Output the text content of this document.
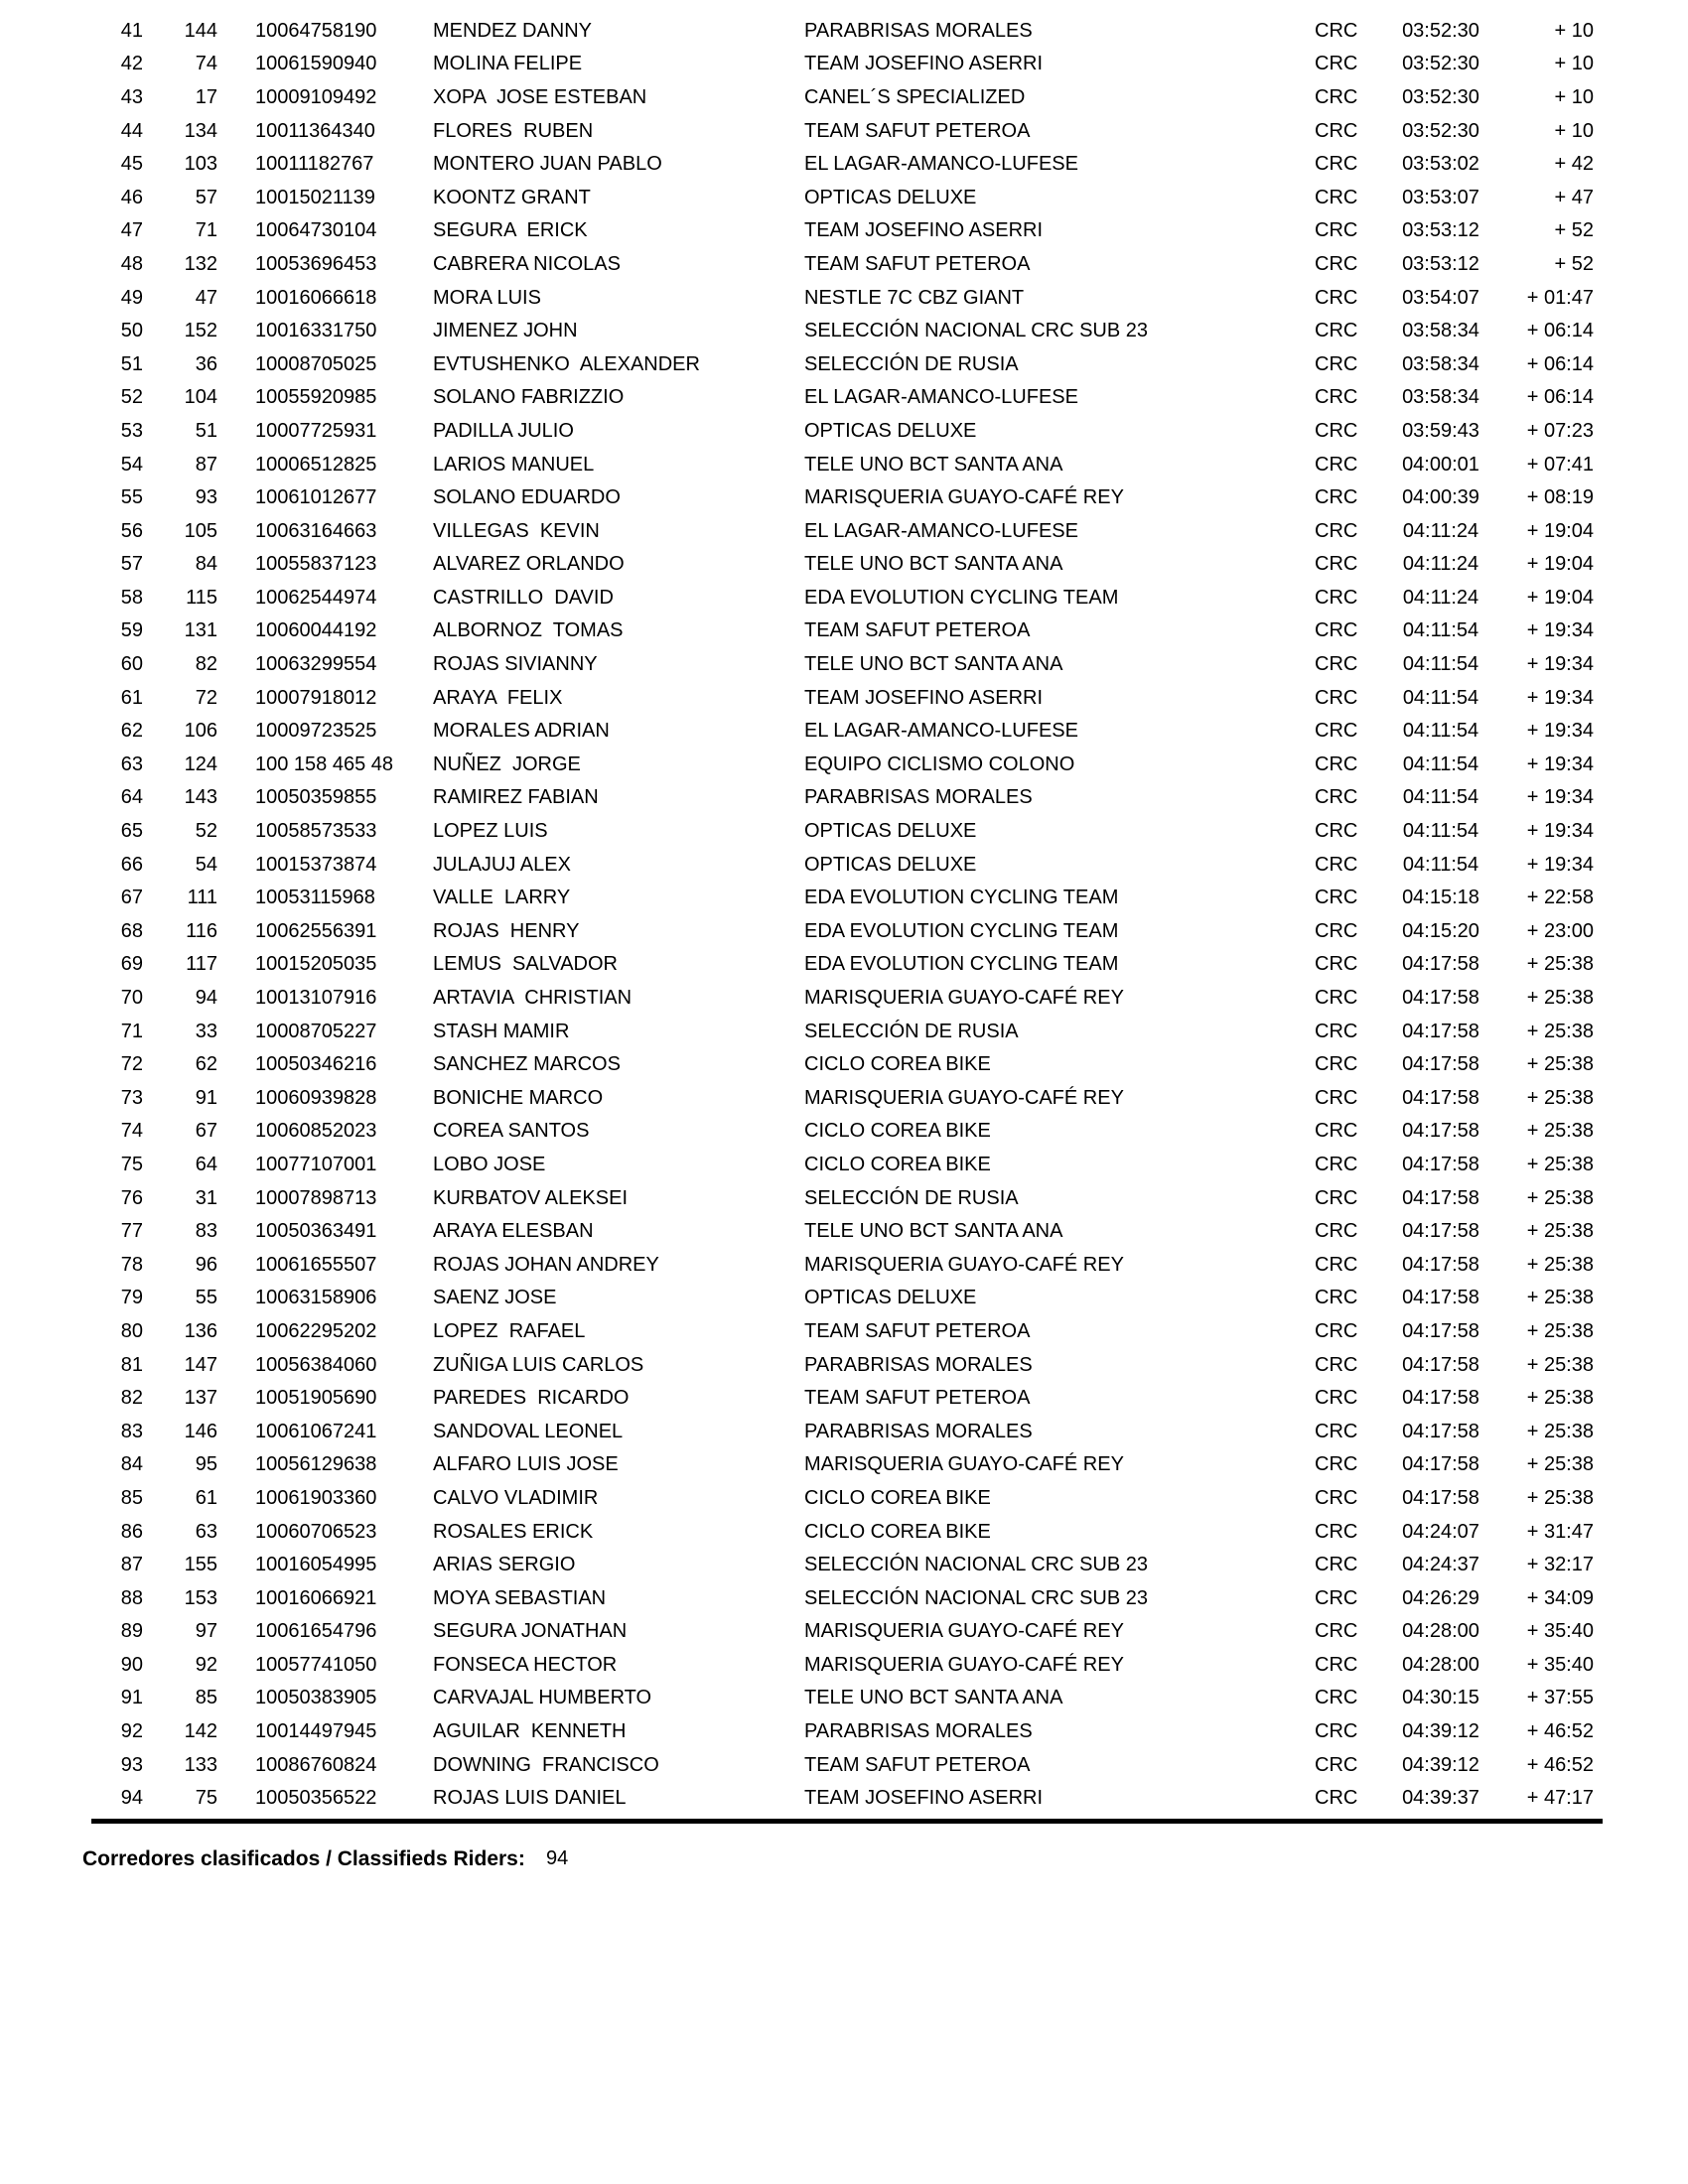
41	144	10064758190	MENDEZ DANNY	PARABRISAS MORALES	CRC	03:52:30	+ 10
42	74	10061590940	MOLINA FELIPE	TEAM JOSEFINO ASERRI	CRC	03:52:30	+ 10
43	17	10009109492	XOPA  JOSE ESTEBAN	CANEL´S SPECIALIZED	CRC	03:52:30	+ 10
44	134	10011364340	FLORES  RUBEN	TEAM SAFUT PETEROA	CRC	03:52:30	+ 10
45	103	10011182767	MONTERO JUAN PABLO	EL LAGAR-AMANCO-LUFESE	CRC	03:53:02	+ 42
46	57	10015021139	KOONTZ GRANT	OPTICAS DELUXE	CRC	03:53:07	+ 47
47	71	10064730104	SEGURA  ERICK	TEAM JOSEFINO ASERRI	CRC	03:53:12	+ 52
48	132	10053696453	CABRERA NICOLAS	TEAM SAFUT PETEROA	CRC	03:53:12	+ 52
49	47	10016066618	MORA LUIS	NESTLE 7C CBZ GIANT	CRC	03:54:07	+ 01:47
50	152	10016331750	JIMENEZ JOHN	SELECCIÓN NACIONAL CRC SUB 23	CRC	03:58:34	+ 06:14
51	36	10008705025	EVTUSHENKO  ALEXANDER	SELECCIÓN DE RUSIA	CRC	03:58:34	+ 06:14
52	104	10055920985	SOLANO FABRIZZIO	EL LAGAR-AMANCO-LUFESE	CRC	03:58:34	+ 06:14
53	51	10007725931	PADILLA JULIO	OPTICAS DELUXE	CRC	03:59:43	+ 07:23
54	87	10006512825	LARIOS MANUEL	TELE UNO BCT SANTA ANA	CRC	04:00:01	+ 07:41
55	93	10061012677	SOLANO EDUARDO	MARISQUERIA GUAYO-CAFÉ REY	CRC	04:00:39	+ 08:19
56	105	10063164663	VILLEGAS  KEVIN	EL LAGAR-AMANCO-LUFESE	CRC	04:11:24	+ 19:04
57	84	10055837123	ALVAREZ ORLANDO	TELE UNO BCT SANTA ANA	CRC	04:11:24	+ 19:04
58	115	10062544974	CASTRILLO  DAVID	EDA EVOLUTION CYCLING TEAM	CRC	04:11:24	+ 19:04
59	131	10060044192	ALBORNOZ  TOMAS	TEAM SAFUT PETEROA	CRC	04:11:54	+ 19:34
60	82	10063299554	ROJAS SIVIANNY	TELE UNO BCT SANTA ANA	CRC	04:11:54	+ 19:34
61	72	10007918012	ARAYA  FELIX	TEAM JOSEFINO ASERRI	CRC	04:11:54	+ 19:34
62	106	10009723525	MORALES ADRIAN	EL LAGAR-AMANCO-LUFESE	CRC	04:11:54	+ 19:34
63	124	100 158 465 48	NUÑEZ  JORGE	EQUIPO CICLISMO COLONO	CRC	04:11:54	+ 19:34
64	143	10050359855	RAMIREZ FABIAN	PARABRISAS MORALES	CRC	04:11:54	+ 19:34
65	52	10058573533	LOPEZ LUIS	OPTICAS DELUXE	CRC	04:11:54	+ 19:34
66	54	10015373874	JULAJUJ ALEX	OPTICAS DELUXE	CRC	04:11:54	+ 19:34
67	111	10053115968	VALLE  LARRY	EDA EVOLUTION CYCLING TEAM	CRC	04:15:18	+ 22:58
68	116	10062556391	ROJAS  HENRY	EDA EVOLUTION CYCLING TEAM	CRC	04:15:20	+ 23:00
69	117	10015205035	LEMUS  SALVADOR	EDA EVOLUTION CYCLING TEAM	CRC	04:17:58	+ 25:38
70	94	10013107916	ARTAVIA  CHRISTIAN	MARISQUERIA GUAYO-CAFÉ REY	CRC	04:17:58	+ 25:38
71	33	10008705227	STASH MAMIR	SELECCIÓN DE RUSIA	CRC	04:17:58	+ 25:38
72	62	10050346216	SANCHEZ MARCOS	CICLO COREA BIKE	CRC	04:17:58	+ 25:38
73	91	10060939828	BONICHE MARCO	MARISQUERIA GUAYO-CAFÉ REY	CRC	04:17:58	+ 25:38
74	67	10060852023	COREA SANTOS	CICLO COREA BIKE	CRC	04:17:58	+ 25:38
75	64	10077107001	LOBO JOSE	CICLO COREA BIKE	CRC	04:17:58	+ 25:38
76	31	10007898713	KURBATOV ALEKSEI	SELECCIÓN DE RUSIA	CRC	04:17:58	+ 25:38
77	83	10050363491	ARAYA ELESBAN	TELE UNO BCT SANTA ANA	CRC	04:17:58	+ 25:38
78	96	10061655507	ROJAS JOHAN ANDREY	MARISQUERIA GUAYO-CAFÉ REY	CRC	04:17:58	+ 25:38
79	55	10063158906	SAENZ JOSE	OPTICAS DELUXE	CRC	04:17:58	+ 25:38
80	136	10062295202	LOPEZ  RAFAEL	TEAM SAFUT PETEROA	CRC	04:17:58	+ 25:38
81	147	10056384060	ZUÑIGA LUIS CARLOS	PARABRISAS MORALES	CRC	04:17:58	+ 25:38
82	137	10051905690	PAREDES  RICARDO	TEAM SAFUT PETEROA	CRC	04:17:58	+ 25:38
83	146	10061067241	SANDOVAL LEONEL	PARABRISAS MORALES	CRC	04:17:58	+ 25:38
84	95	10056129638	ALFARO LUIS JOSE	MARISQUERIA GUAYO-CAFÉ REY	CRC	04:17:58	+ 25:38
85	61	10061903360	CALVO VLADIMIR	CICLO COREA BIKE	CRC	04:17:58	+ 25:38
86	63	10060706523	ROSALES ERICK	CICLO COREA BIKE	CRC	04:24:07	+ 31:47
87	155	10016054995	ARIAS SERGIO	SELECCIÓN NACIONAL CRC SUB 23	CRC	04:24:37	+ 32:17
88	153	10016066921	MOYA SEBASTIAN	SELECCIÓN NACIONAL CRC SUB 23	CRC	04:26:29	+ 34:09
89	97	10061654796	SEGURA JONATHAN	MARISQUERIA GUAYO-CAFÉ REY	CRC	04:28:00	+ 35:40
90	92	10057741050	FONSECA HECTOR	MARISQUERIA GUAYO-CAFÉ REY	CRC	04:28:00	+ 35:40
91	85	10050383905	CARVAJAL HUMBERTO	TELE UNO BCT SANTA ANA	CRC	04:30:15	+ 37:55
92	142	10014497945	AGUILAR  KENNETH	PARABRISAS MORALES	CRC	04:39:12	+ 46:52
93	133	10086760824	DOWNING  FRANCISCO	TEAM SAFUT PETEROA	CRC	04:39:12	+ 46:52
94	75	10050356522	ROJAS LUIS DANIEL	TEAM JOSEFINO ASERRI	CRC	04:39:37	+ 47:17
Corredores clasificados / Classifieds Riders: 94
